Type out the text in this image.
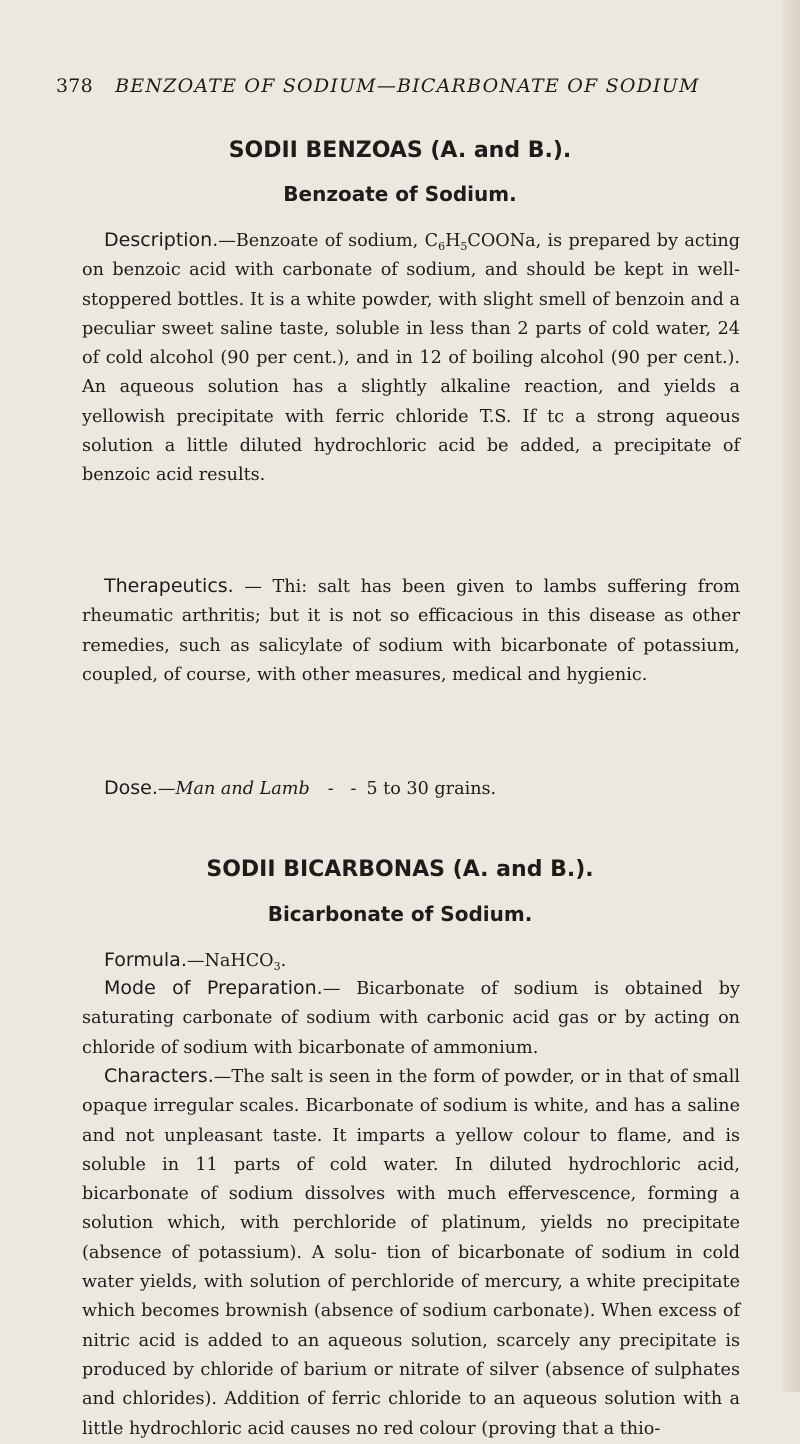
378 BENZOATE OF SODIUM—BICARBONATE OF SODIUM
SODII BENZOAS (A. and B.).
Benzoate of Sodium.
Description.—Benzoate of sodium, $C_6H_5COONa$, is prepared by acting on benzoic acid with carbonate of sodium, and should be kept in well-stoppered bottles. It is a white powder, with slight smell of benzoin and a peculiar sweet saline taste, soluble in less than 2 parts of cold water, 24 of cold alcohol (90 per cent.), and in 12 of boiling alcohol (90 per cent.). An aqueous solution has a slightly alkaline reaction, and yields a yellowish precipitate with ferric chloride T.S. If tc a strong aqueous solution a little diluted hydrochloric acid be added, a precipitate of benzoic acid results.
Therapeutics. — Thi: salt has been given to lambs suffering from rheumatic arthritis; but it is not so efficacious in this disease as other remedies, such as salicylate of sodium with bicarbonate of potassium, coupled, of course, with other measures, medical and hygienic.
Dose.—Man and Lamb -   - 5 to 30 grains.
SODII BICARBONAS (A. and B.).
Bicarbonate of Sodium.
Formula.—NaHCO$_3$.
Mode of Preparation.— Bicarbonate of sodium is obtained by saturating carbonate of sodium with carbonic acid gas or by acting on chloride of sodium with bicarbonate of ammonium.
Characters.—The salt is seen in the form of powder, or in that of small opaque irregular scales. Bicarbonate of sodium is white, and has a saline and not unpleasant taste. It imparts a yellow colour to flame, and is soluble in 11 parts of cold water. In diluted hydrochloric acid, bicarbonate of sodium dissolves with much effervescence, forming a solution which, with perchloride of platinum, yields no precipitate (absence of potassium). A solu- tion of bicarbonate of sodium in cold water yields, with solution of perchloride of mercury, a white precipitate which becomes brownish (absence of sodium carbonate). When excess of nitric acid is added to an aqueous solution, scarcely any precipitate is produced by chloride of barium or nitrate of silver (absence of sulphates and chlorides). Addition of ferric chloride to an aqueous solution with a little hydrochloric acid causes no red colour (proving that a thio-
